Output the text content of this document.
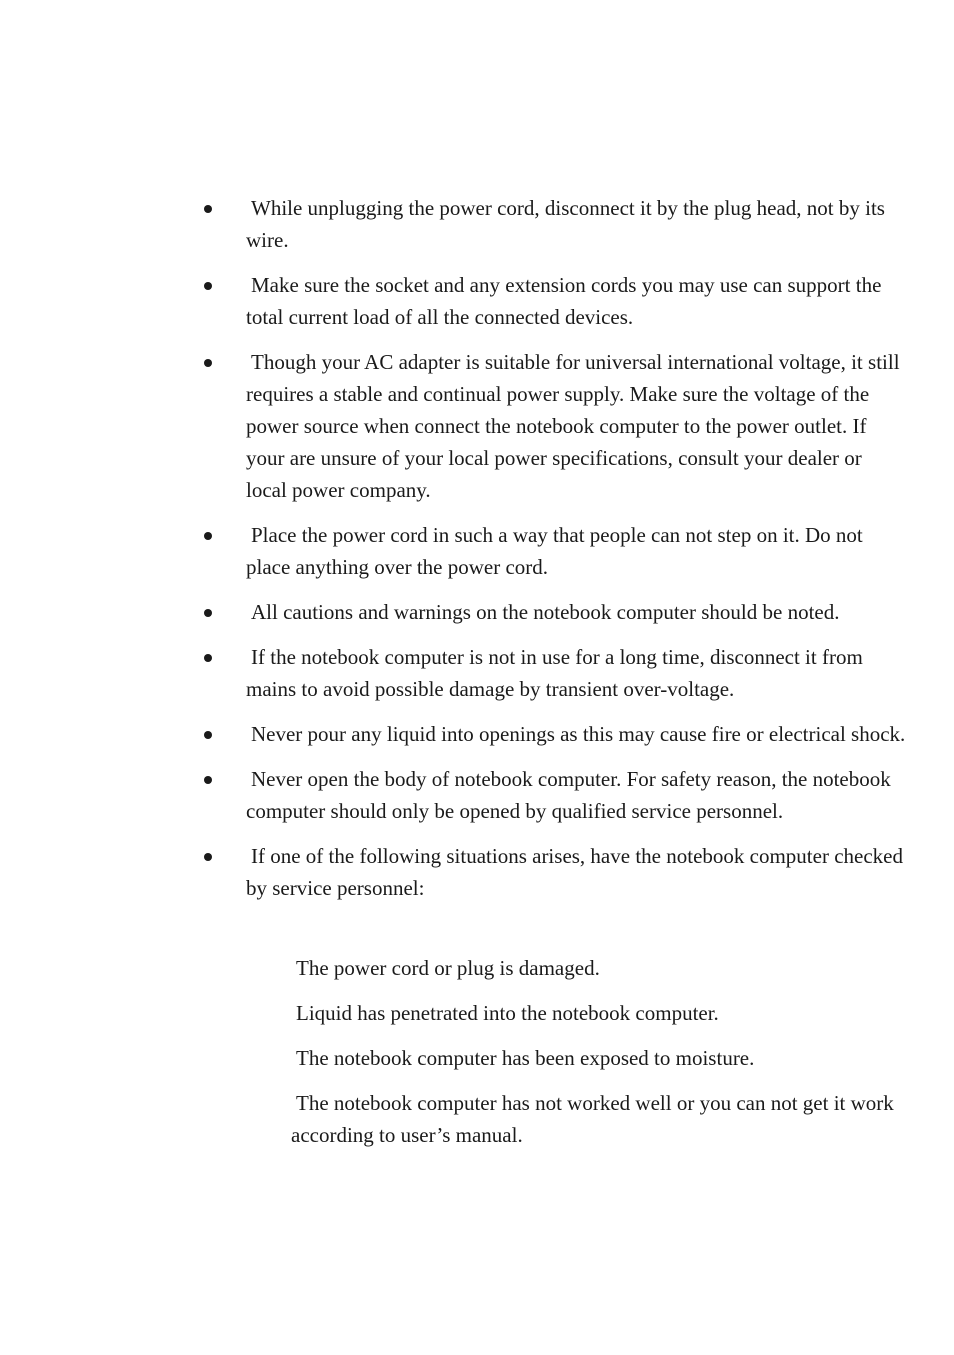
While unplugging the power cord, disconnect it by the plug head, not by its wire.
Make sure the socket and any extension cords you may use can support the total current load of all the connected devices.
Though your AC adapter is suitable for universal international voltage, it still requires a stable and continual power supply. Make sure the voltage of the power source when connect the notebook computer to the power outlet. If your are unsure of your local power specifications, consult your dealer or local power company.
Place the power cord in such a way that people can not step on it. Do not place anything over the power cord.
All cautions and warnings on the notebook computer should be noted.
If the notebook computer is not in use for a long time, disconnect it from mains to avoid possible damage by transient over-voltage.
Never pour any liquid into openings as this may cause fire or electrical shock.
Never open the body of notebook computer. For safety reason, the notebook computer should only be opened by qualified service personnel.
If one of the following situations arises, have the notebook computer checked by service personnel:
The power cord or plug is damaged.
Liquid has penetrated into the notebook computer.
The notebook computer has been exposed to moisture.
The notebook computer has not worked well or you can not get it work according to user’s manual.
